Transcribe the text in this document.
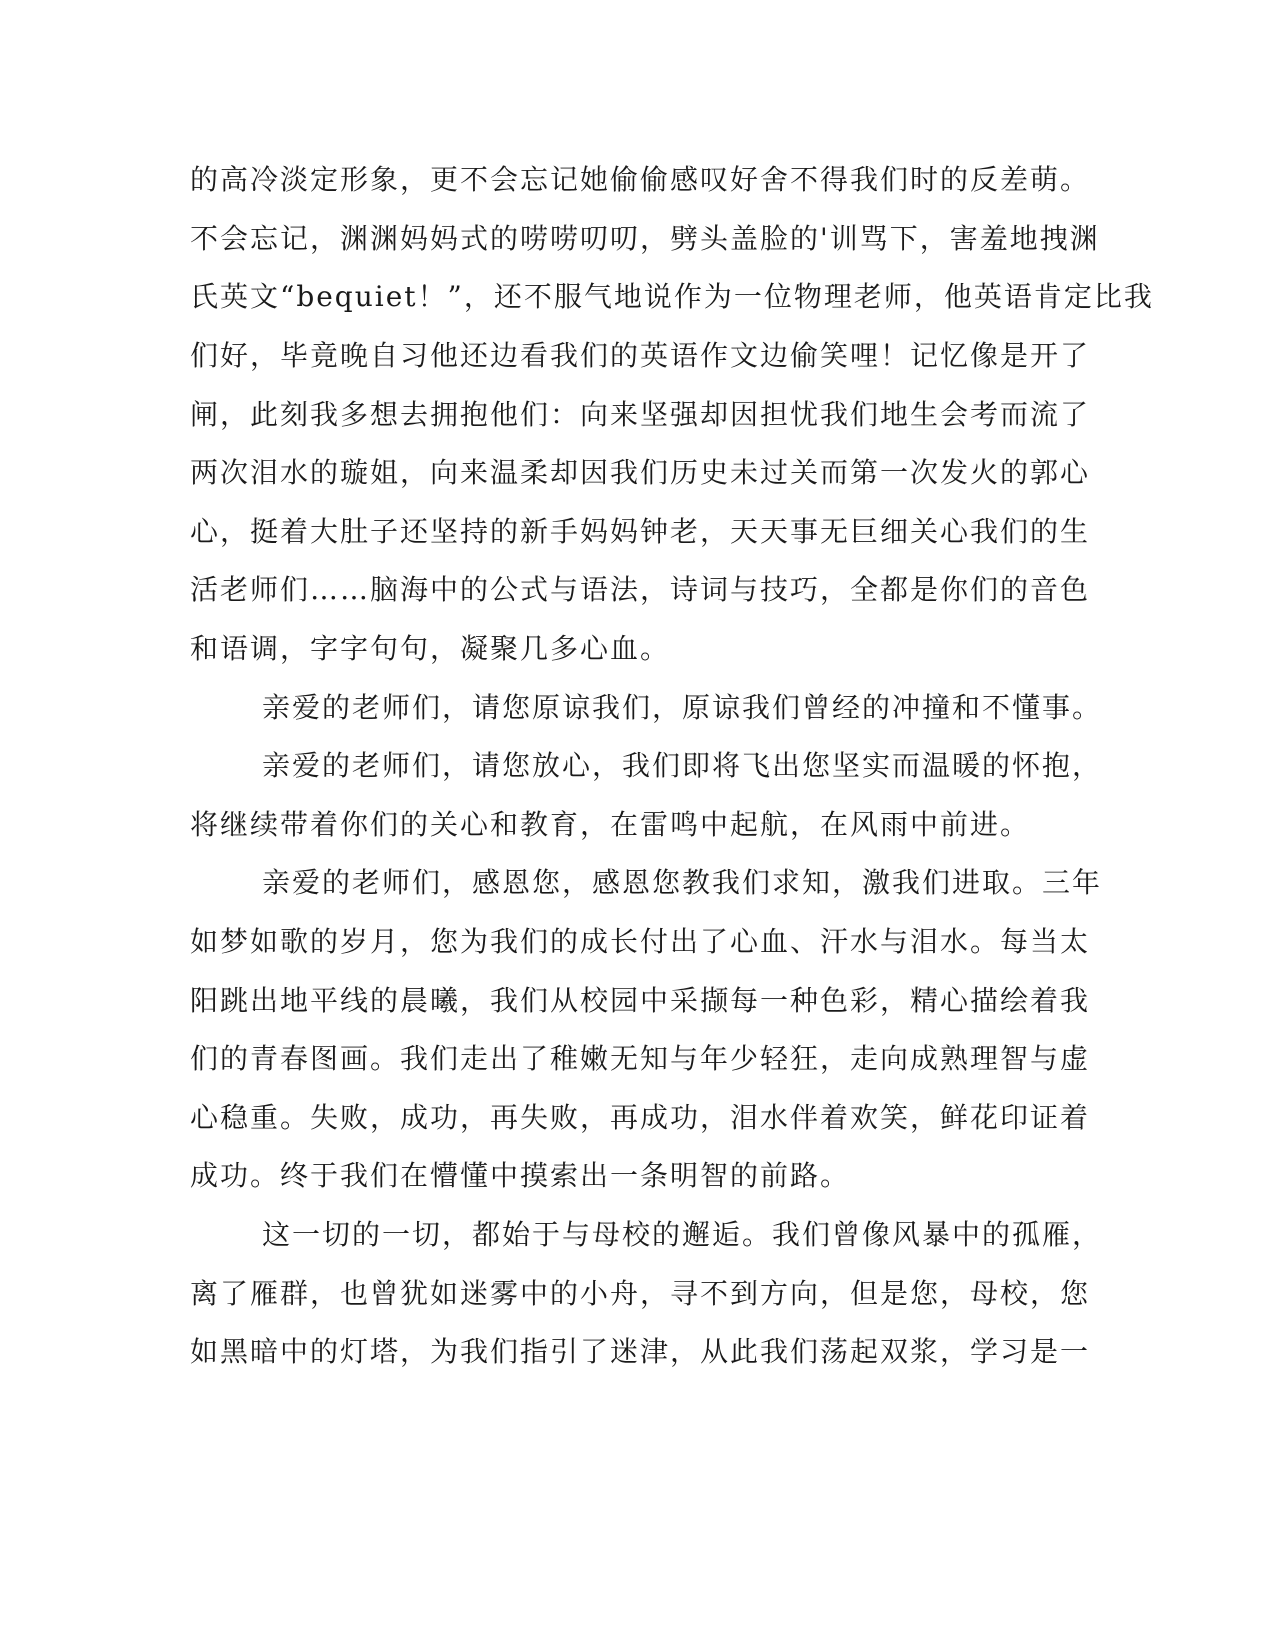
的高冷淡定形象，更不会忘记她偷偷感叹好舍不得我们时的反差萌。
不会忘记，渊渊妈妈式的唠唠叨叨，劈头盖脸的'训骂下，害羞地拽渊
氏英文“bequiet！”，还不服气地说作为一位物理老师，他英语肯定比我
们好，毕竟晚自习他还边看我们的英语作文边偷笑哩！记忆像是开了
闸，此刻我多想去拥抱他们：向来坚强却因担忧我们地生会考而流了
两次泪水的璇姐，向来温柔却因我们历史未过关而第一次发火的郭心
心，挺着大肚子还坚持的新手妈妈钟老，天天事无巨细关心我们的生
活老师们……脑海中的公式与语法，诗词与技巧，全都是你们的音色
和语调，字字句句，凝聚几多心血。
亲爱的老师们，请您原谅我们，原谅我们曾经的冲撞和不懂事。
亲爱的老师们，请您放心，我们即将飞出您坚实而温暖的怀抱，
将继续带着你们的关心和教育，在雷鸣中起航，在风雨中前进。
亲爱的老师们，感恩您，感恩您教我们求知，激我们进取。三年
如梦如歌的岁月，您为我们的成长付出了心血、汗水与泪水。每当太
阳跳出地平线的晨曦，我们从校园中采撷每一种色彩，精心描绘着我
们的青春图画。我们走出了稚嫩无知与年少轻狂，走向成熟理智与虚
心稳重。失败，成功，再失败，再成功，泪水伴着欢笑，鲜花印证着
成功。终于我们在懵懂中摸索出一条明智的前路。
这一切的一切，都始于与母校的邂逅。我们曾像风暴中的孤雁，
离了雁群，也曾犹如迷雾中的小舟，寻不到方向，但是您，母校，您
如黑暗中的灯塔，为我们指引了迷津，从此我们荡起双浆，学习是一
